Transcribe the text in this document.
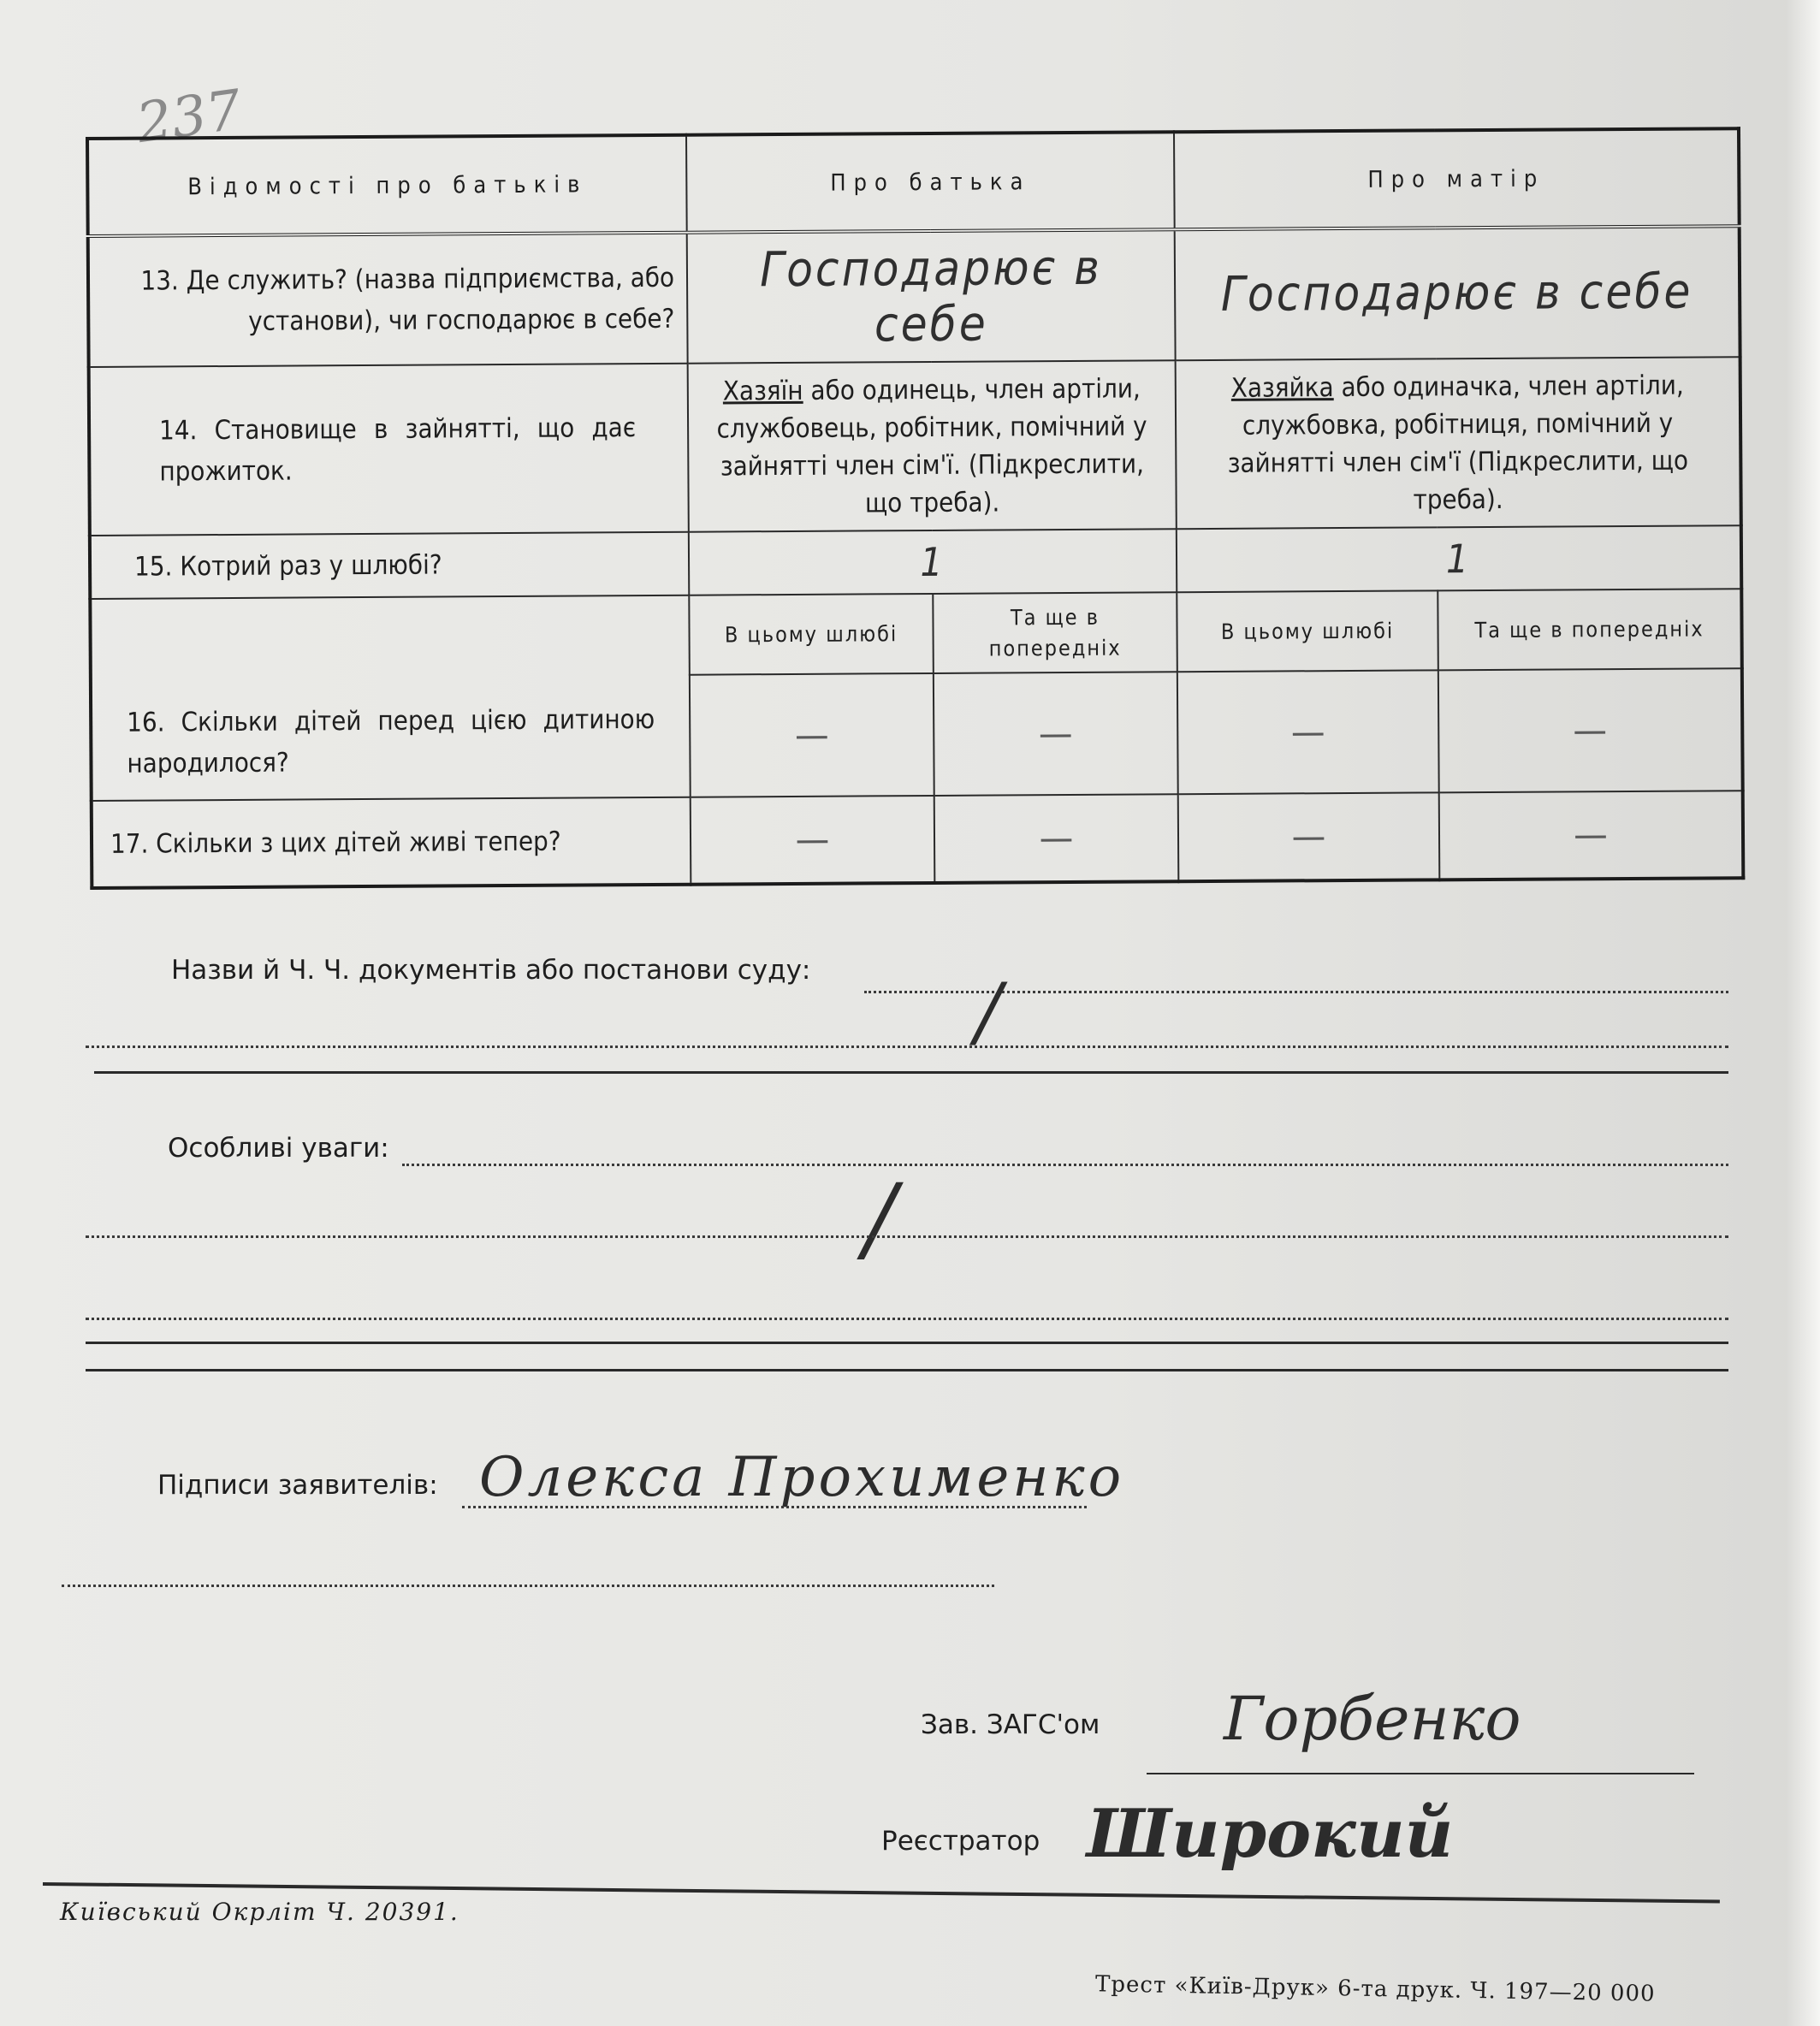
237
Відомості про батьків	Про батька		Про матір	
13. Де служить? (назва підприємства, або установи), чи господарює в себе?	Господарює в себе		Господарює в себе	
14. Становище в зайнятті, що дає прожиток.	Хазяїн або одинець, член артіли, службовець, робітник, помічний у зайнятті член сім'ї. (Підкреслити, що треба).		Хазяйка або одиначка, член артіли, службовка, робітниця, помічний у зайнятті член сім'ї (Підкреслити, що треба).	
15. Котрий раз у шлюбі?	1		1	
16. Скільки дітей перед цією дитиною народилося?	В цьому шлюбі	Та ще в попередніх	В цьому шлюбі	Та ще в попередніх
	—	—	—	—
17. Скільки з цих дітей живі тепер?	—	—	—	—
Назви й Ч. Ч. документів або постанови суду: /
Особливі уваги:
/
Підписи заявителів: Олекса Прохименко
Зав. ЗАГС'ом Горбенко
Реєстратор Широкий
Київський Окрліт Ч. 20391.
Трест «Київ-Друк» 6-та друк. Ч. 197—20 000
